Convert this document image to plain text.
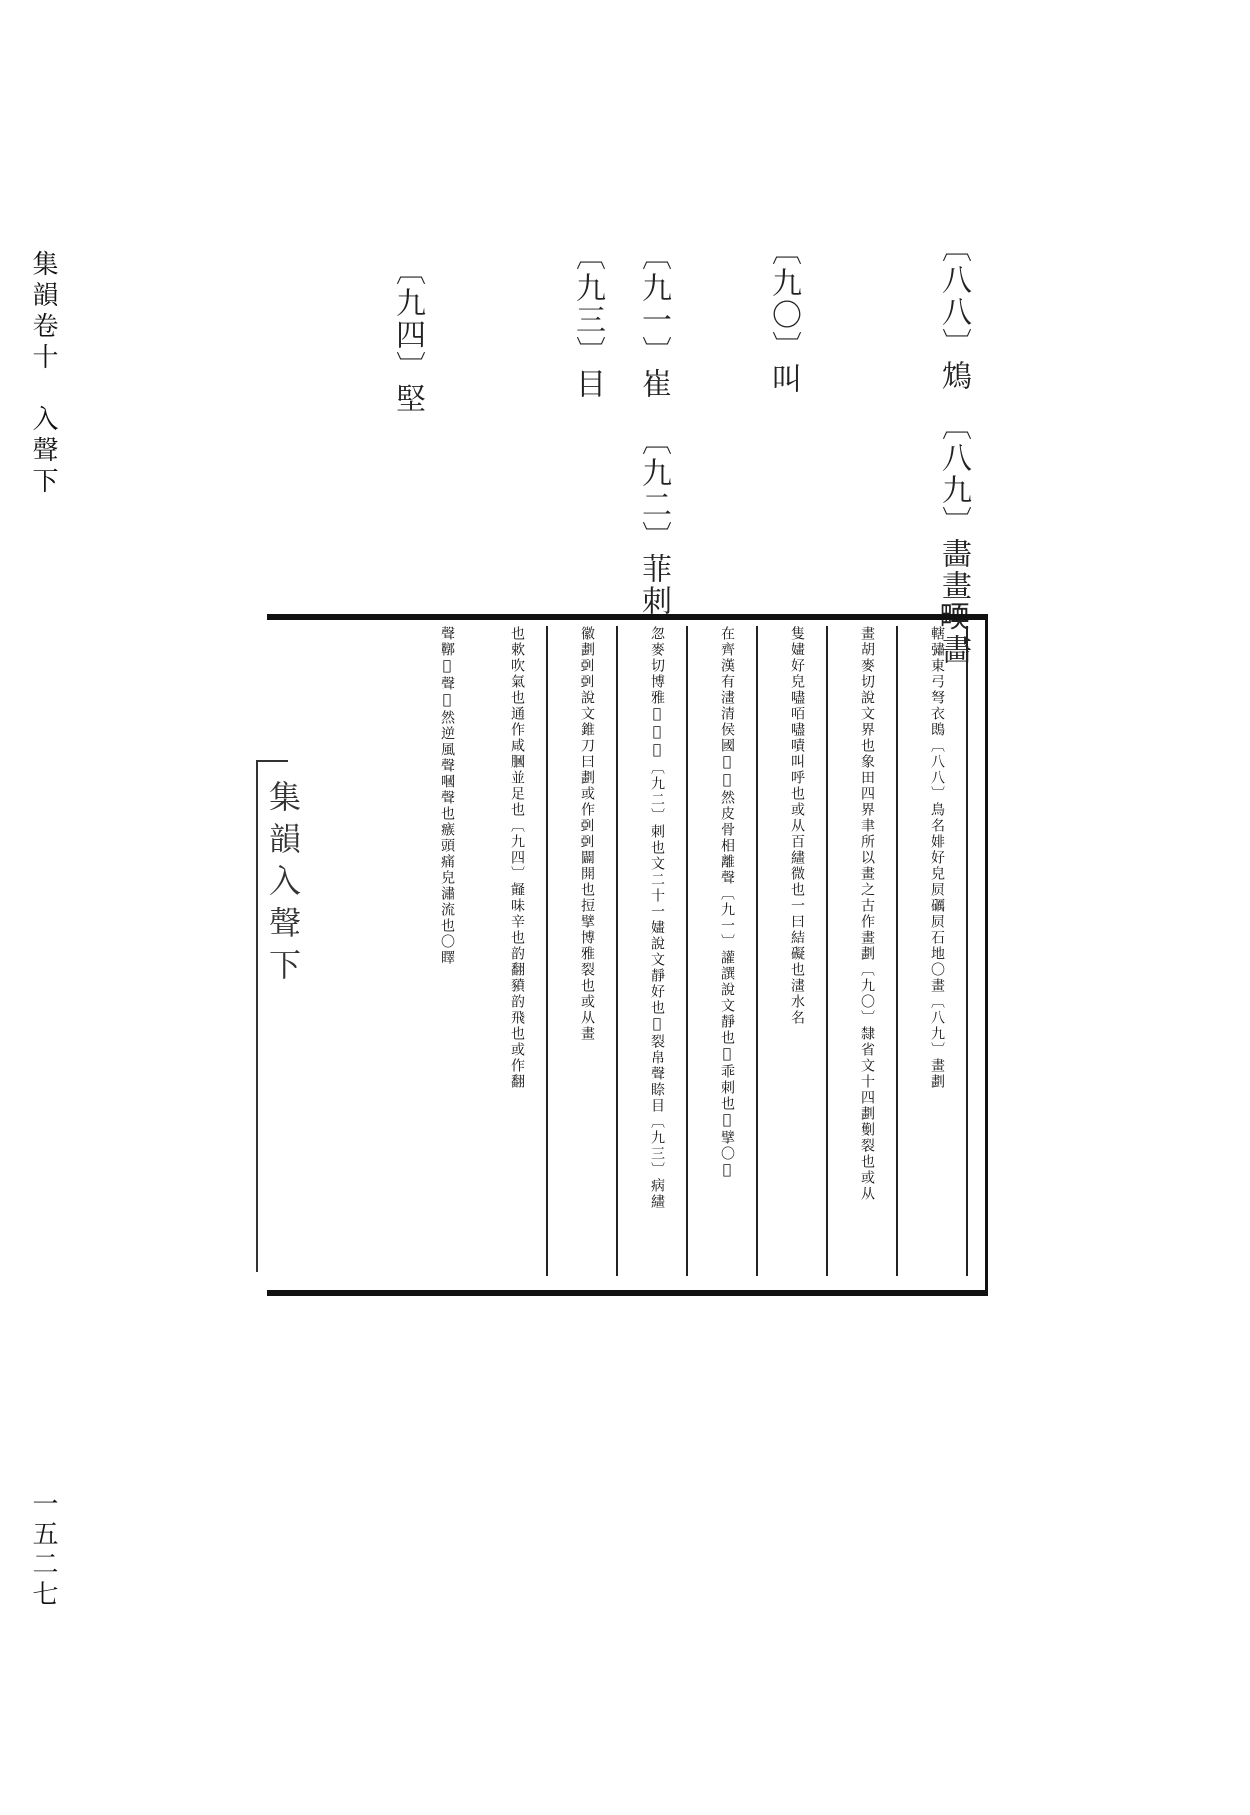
集韻卷十　入聲下
一五二七
〔八八〕鴆
〔八九〕畵畫𤲬畵
〔九〇〕叫
〔九一〕崔
〔九二〕菲刺
〔九三〕目
〔九四〕堅
集韻入聲下	轄彇東弓弩衣鵖〔八八〕鳥名婔好皃屃礪屃石地〇畫〔八九〕畫劃
畫胡麥切說文界也象田四界聿所以畫之古作畫劃〔九〇〕隸省文十四劃劐裂也或从
隻嫿好皃嚍咟嚍嘖叫呼也或从百繣微也一曰結礙也澅水名
在齊漢有澅清侯國𦋺𦋺然皮骨相離聲〔九一〕讙譔說文靜也𢡝乖刺也𢷏擘〇𧥽
忽麥切博雅𢽳𢡝𪆀〔九二〕刺也文二十一嫿說文靜好也𢡝裂帛聲𥇧目〔九三〕病繣
徽劃𠜲𠜲說文錐刀曰劃或作𠜲𠜲闢開也𢭃擘博雅裂也或从畫
也欶吹氣也通作咸膕並足也〔九四〕䪥味辛也䪨翻豶䪨飛也或作翻
聲鞹𥨚聲𥨚然逆風聲嘓聲也瘯頭痛皃潚流也〇䁺
